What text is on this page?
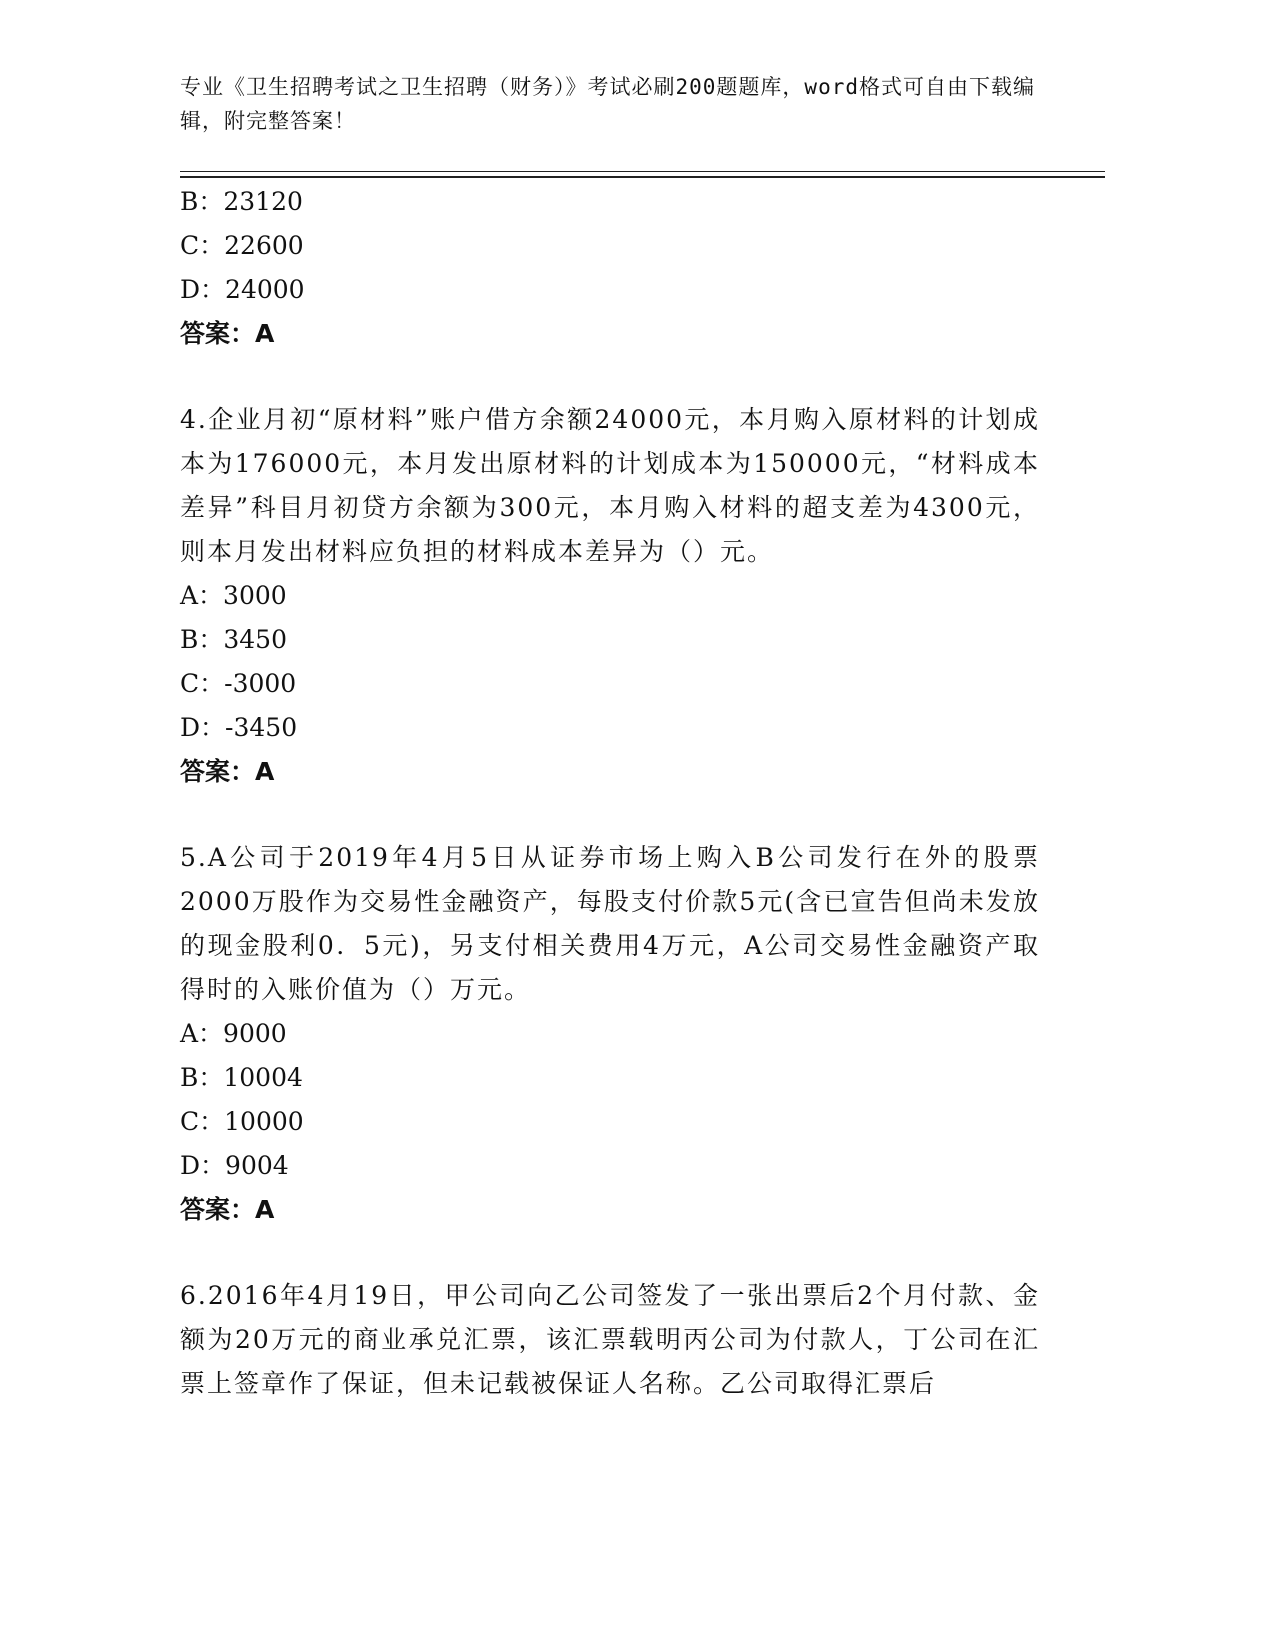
专业《卫生招聘考试之卫生招聘（财务）》考试必刷200题题库，word格式可自由下载编辑，附完整答案！
B：23120
C：22600
D：24000
答案：A
4.企业月初“原材料”账户借方余额24000元，本月购入原材料的计划成本为176000元，本月发出原材料的计划成本为150000元，“材料成本差异”科目月初贷方余额为300元，本月购入材料的超支差为4300元，则本月发出材料应负担的材料成本差异为（）元。
A：3000
B：3450
C：-3000
D：-3450
答案：A
5.A公司于2019年4月5日从证券市场上购入B公司发行在外的股票2000万股作为交易性金融资产，每股支付价款5元(含已宣告但尚未发放的现金股利0．5元)，另支付相关费用4万元，A公司交易性金融资产取得时的入账价值为（）万元。
A：9000
B：10004
C：10000
D：9004
答案：A
6.2016年4月19日，甲公司向乙公司签发了一张出票后2个月付款、金额为20万元的商业承兑汇票，该汇票载明丙公司为付款人，丁公司在汇票上签章作了保证，但未记载被保证人名称。乙公司取得汇票后
